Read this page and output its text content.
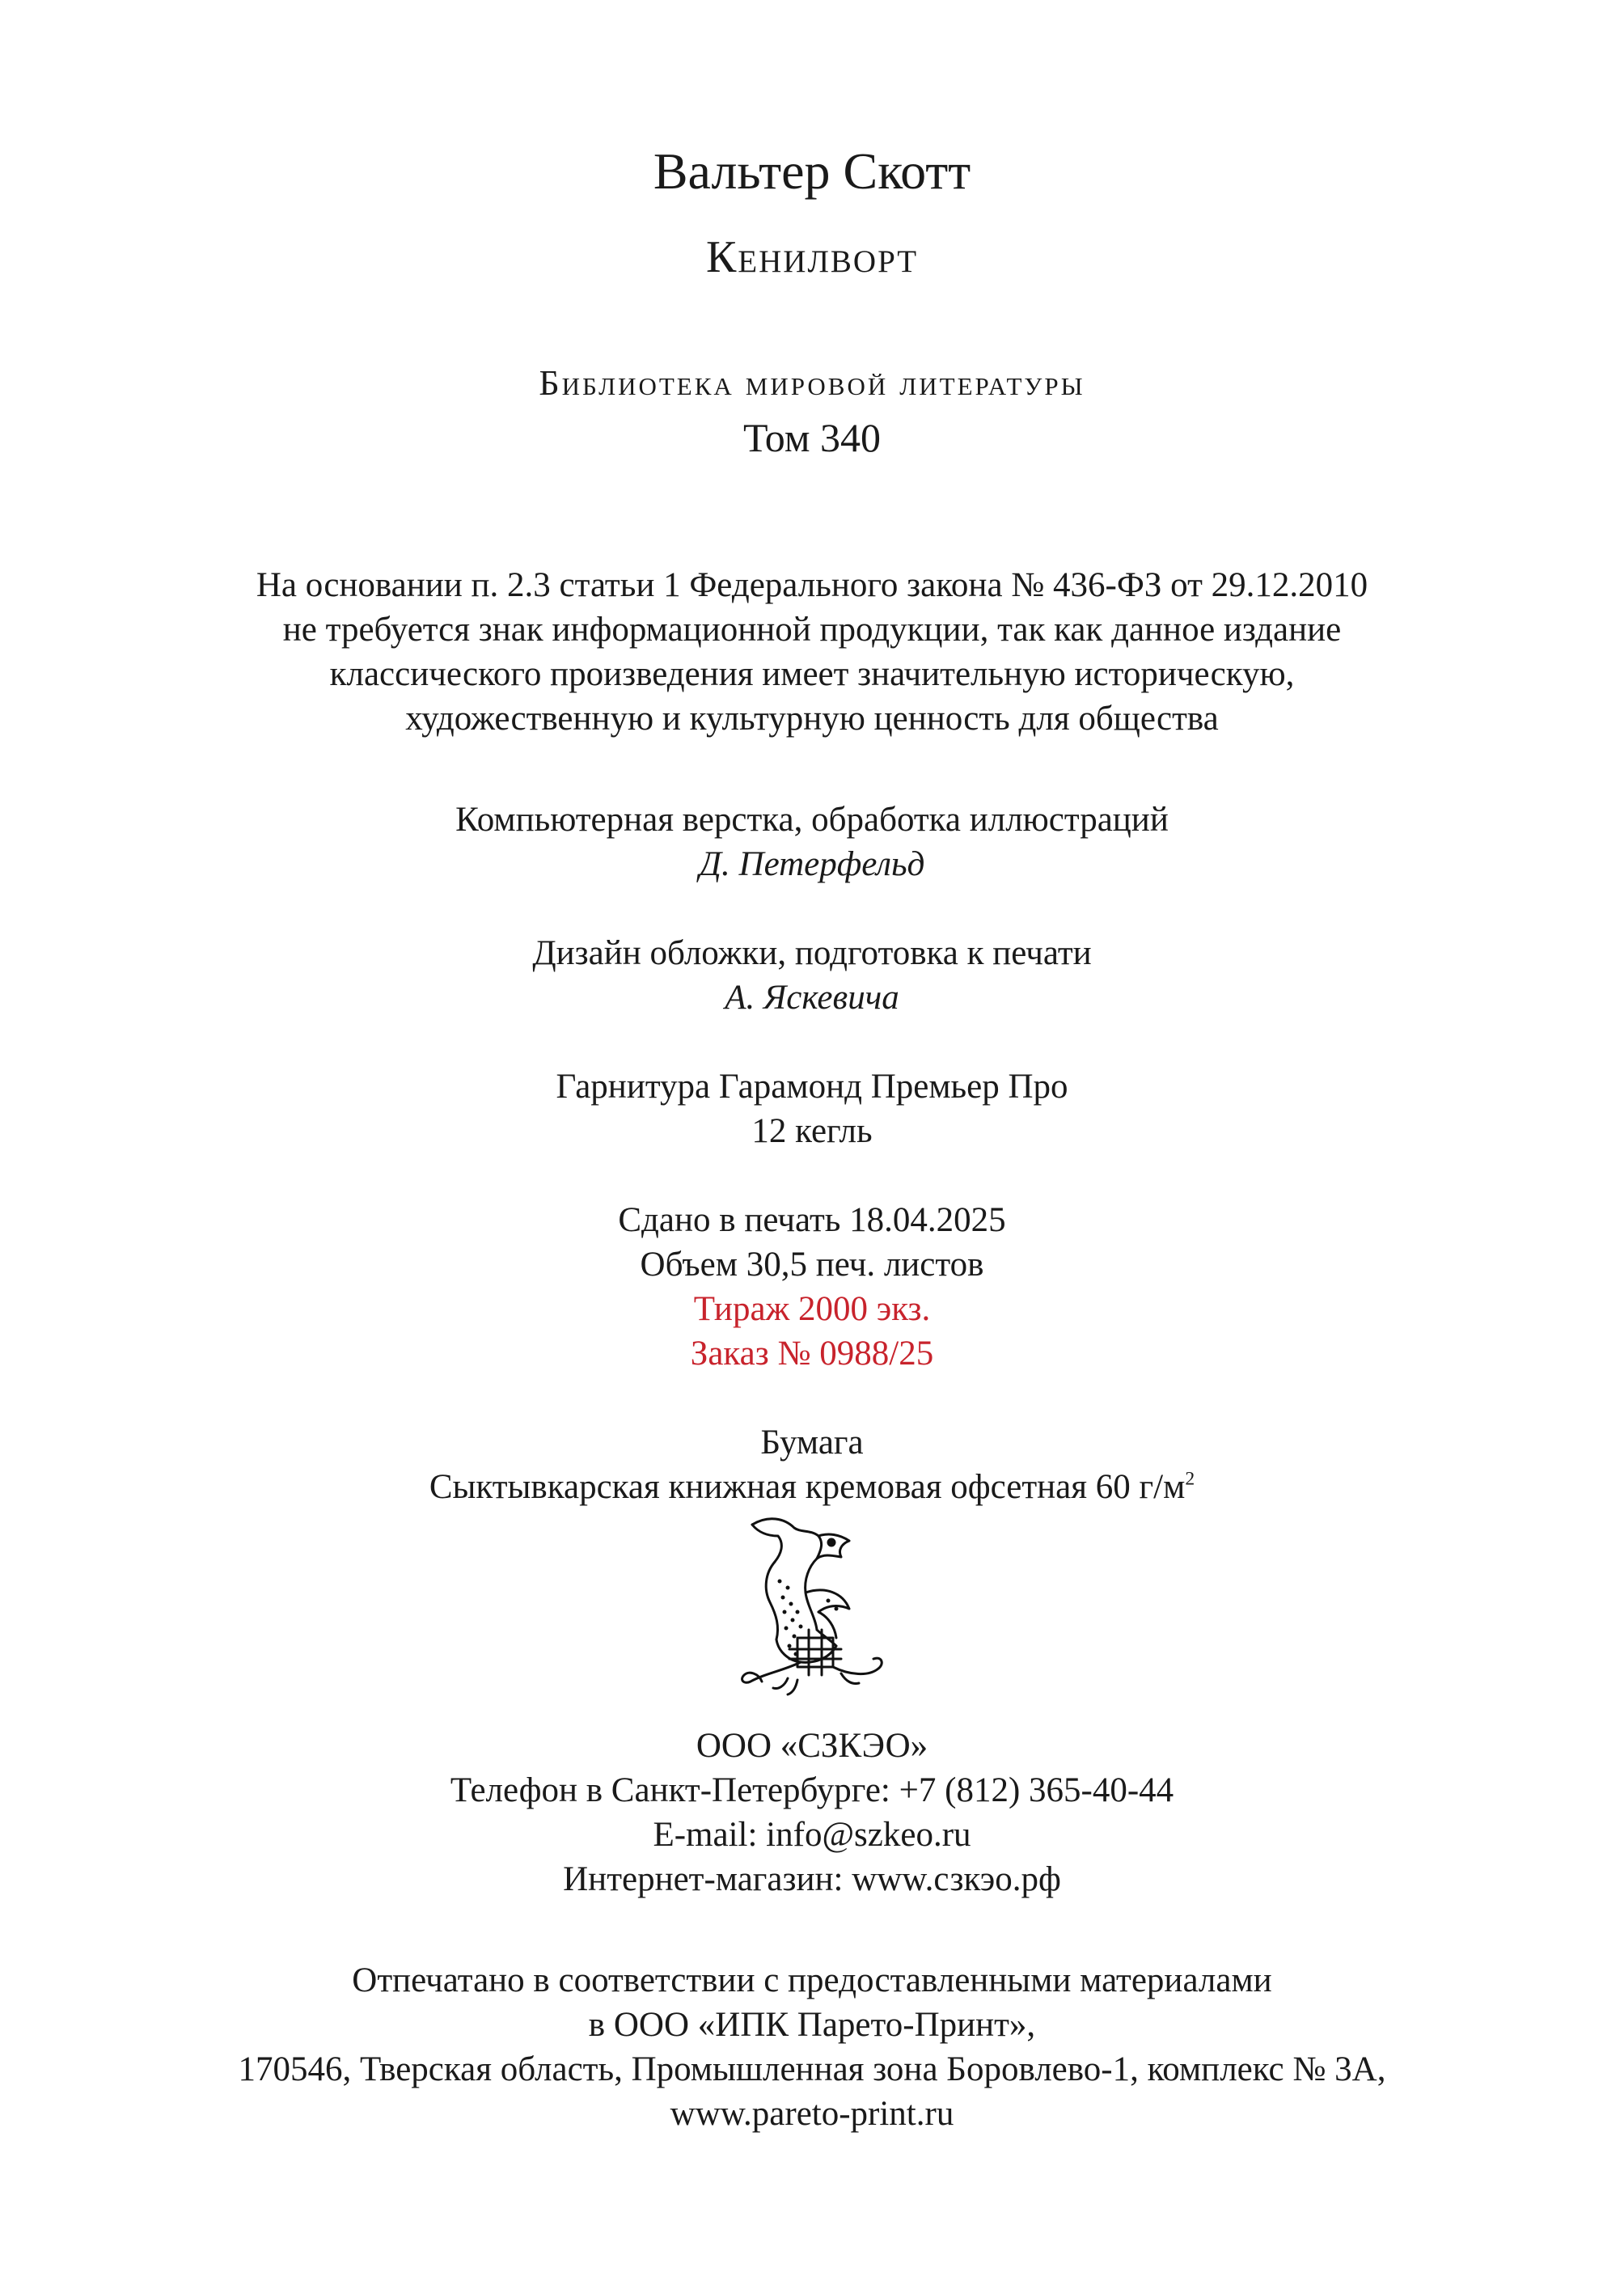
Вальтер Скотт
Кенилворт
Библиотека мировой литературы
Том 340
На основании п. 2.3 статьи 1 Федерального закона № 436-ФЗ от 29.12.2010
не требуется знак информационной продукции, так как данное издание
классического произведения имеет значительную историческую,
художественную и культурную ценность для общества
Компьютерная верстка, обработка иллюстраций
Д. Петерфельд
Дизайн обложки, подготовка к печати
А. Яскевича
Гарнитура Гарамонд Премьер Про
12 кегль
Сдано в печать 18.04.2025
Объем 30,5 печ. листов
Тираж 2000 экз.
Заказ № 0988/25
Бумага
Сыктывкарская книжная кремовая офсетная 60 $г/м^2$
ООО «СЗКЭО»
Телефон в Санкт-Петербурге: +7 (812) 365-40-44
E-mail: info@szkeo.ru
Интернет-магазин: www.сзкэо.рф
Отпечатано в соответствии с предоставленными материалами
в ООО «ИПК Парето-Принт»,
170546, Тверская область, Промышленная зона Боровлево-1, комплекс № 3А,
www.pareto-print.ru
